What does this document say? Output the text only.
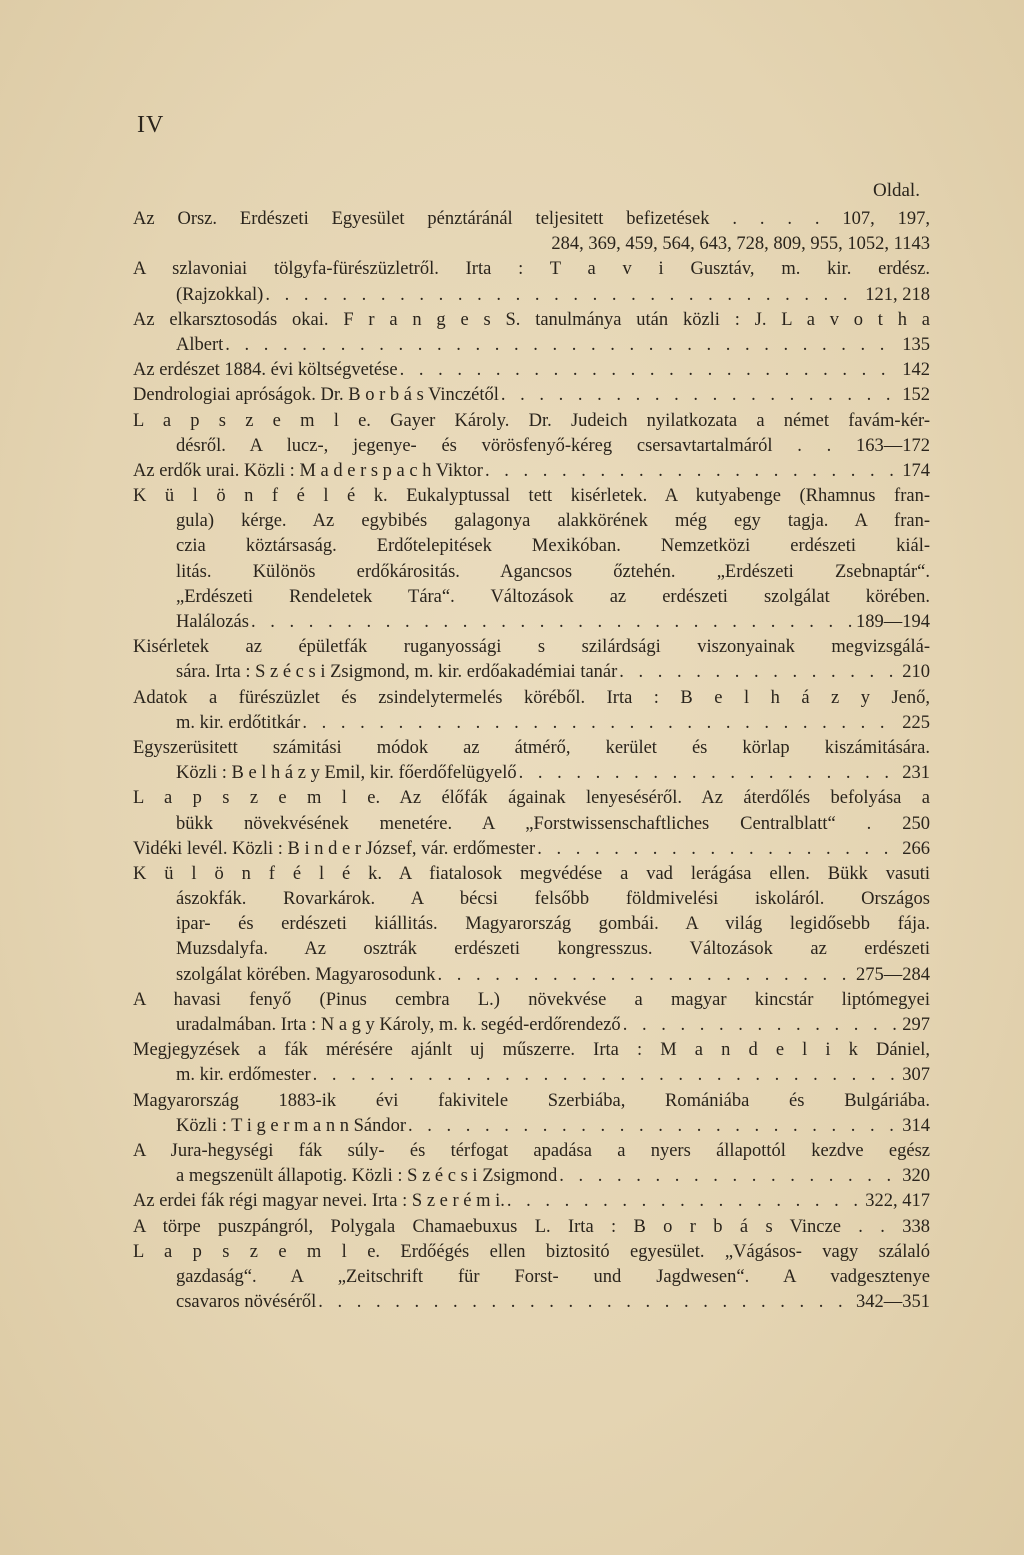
IV
Oldal.
Az Orsz. Erdészeti Egyesület pénztáránál teljesitett befizetések . . . . 107, 197,
284, 369, 459, 564, 643, 728, 809, 955, 1052, 1143
A szlavoniai tölgyfa-fürészüzletről. Irta : T a v i Gusztáv, m. kir. erdész.
(Rajzokkal) . . .	121, 218
Az elkarsztosodás okai. F r a n g e s S. tanulmánya után közli : J. L a v o t h a
Albert . . .	135
Az erdészet 1884. évi költségvetése . . .	142
Dendrologiai apróságok. Dr. B o r b á s Vinczétől . . .	152
L a p s z e m l e. Gayer Károly. Dr. Judeich nyilatkozata a német favám-kér-
désről. A lucz-, jegenye- és vörösfenyő-kéreg csersavtartalmáról . . 163—172
Az erdők urai. Közli : M a d e r s p a c h Viktor . . .	174
K ü l ö n f é l é k. Eukalyptussal tett kisérletek. A kutyabenge (Rhamnus fran-
gula) kérge. Az egybibés galagonya alakkörének még egy tagja. A fran-
czia köztársaság. Erdőtelepitések Mexikóban. Nemzetközi erdészeti kiál-
litás. Különös erdőkárositás. Agancsos őztehén. „Erdészeti Zsebnaptár“.
„Erdészeti Rendeletek Tára“. Változások az erdészeti szolgálat körében.
Halálozás . . .	189—194
Kisérletek az épületfák ruganyossági s szilárdsági viszonyainak megvizsgálá-
sára. Irta : S z é c s i Zsigmond, m. kir. erdőakadémiai tanár . . .	210
Adatok a fürészüzlet és zsindelytermelés köréből. Irta : B e l h á z y Jenő,
m. kir. erdőtitkár . . .	225
Egyszerüsitett számitási módok az átmérő, kerület és körlap kiszámitására.
Közli : B e l h á z y Emil, kir. főerdőfelügyelő . . .	231
L a p s z e m l e. Az élőfák ágainak lenyeséséről. Az áterdőlés befolyása a
bükk növekvésének menetére. A „Forstwissenschaftliches Centralblatt“ . 250
Vidéki levél. Közli : B i n d e r József, vár. erdőmester . . .	266
K ü l ö n f é l é k. A fiatalosok megvédése a vad lerágása ellen. Bükk vasuti
ászokfák. Rovarkárok. A bécsi felsőbb földmivelési iskoláról. Országos
ipar- és erdészeti kiállitás. Magyarország gombái. A világ legidősebb fája.
Muzsdalyfa. Az osztrák erdészeti kongresszus. Változások az erdészeti
szolgálat körében. Magyarosodunk . . .	275—284
A havasi fenyő (Pinus cembra L.) növekvése a magyar kincstár liptómegyei
uradalmában. Irta : N a g y Károly, m. k. segéd-erdőrendező . . .	297
Megjegyzések a fák mérésére ajánlt uj műszerre. Irta : M a n d e l i k Dániel,
m. kir. erdőmester . . .	307
Magyarország 1883-ik évi fakivitele Szerbiába, Romániába és Bulgáriába.
Közli : T i g e r m a n n Sándor . . .	314
A Jura-hegységi fák súly- és térfogat apadása a nyers állapottól kezdve egész
a megszenült állapotig. Közli : S z é c s i Zsigmond . . .	320
Az erdei fák régi magyar nevei. Irta : S z e r é m i. . . .	322, 417
A törpe puszpángról, Polygala Chamaebuxus L. Irta : B o r b á s Vincze . . 338
L a p s z e m l e. Erdőégés ellen biztositó egyesület. „Vágásos- vagy szálaló
gazdaság“. A „Zeitschrift für Forst- und Jagdwesen“. A vadgesztenye
csavaros növéséről . . .	342—351
